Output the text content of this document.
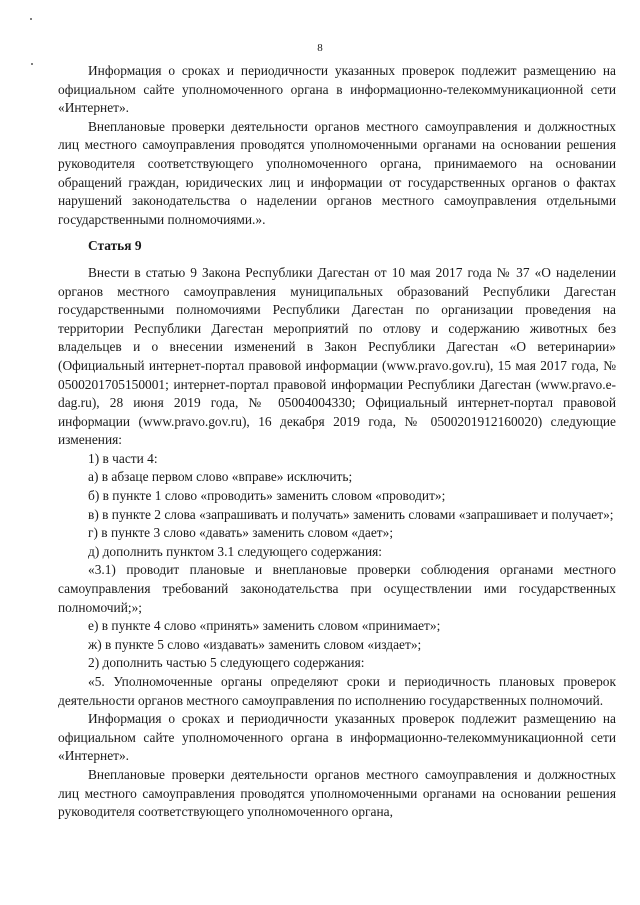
8

Информация о сроках и периодичности указанных проверок подлежит размещению на официальном сайте уполномоченного органа в информационно-телекоммуникационной сети «Интернет».

Внеплановые проверки деятельности органов местного самоуправления и должностных лиц местного самоуправления проводятся уполномоченными органами на основании решения руководителя соответствующего уполномоченного органа, принимаемого на основании обращений граждан, юридических лиц и информации от государственных органов о фактах нарушений законодательства о наделении органов местного самоуправления отдельными государственными полномочиями.».

Статья 9

Внести в статью 9 Закона Республики Дагестан от 10 мая 2017 года № 37 «О наделении органов местного самоуправления муниципальных образований Республики Дагестан государственными полномочиями Республики Дагестан по организации проведения на территории Республики Дагестан мероприятий по отлову и содержанию животных без владельцев и о внесении изменений в Закон Республики Дагестан «О ветеринарии» (Официальный интернет-портал правовой информации (www.pravo.gov.ru), 15 мая 2017 года, № 0500201705150001; интернет-портал правовой информации Республики Дагестан (www.pravo.e-dag.ru), 28 июня 2019 года, № 05004004330; Официальный интернет-портал правовой информации (www.pravo.gov.ru), 16 декабря 2019 года, № 0500201912160020) следующие изменения:

1) в части 4:

а) в абзаце первом слово «вправе» исключить;

б) в пункте 1 слово «проводить» заменить словом «проводит»;

в) в пункте 2 слова «запрашивать и получать» заменить словами «запрашивает и получает»;

г) в пункте 3 слово «давать» заменить словом «дает»;

д) дополнить пунктом 3.1 следующего содержания:

«3.1) проводит плановые и внеплановые проверки соблюдения органами местного самоуправления требований законодательства при осуществлении ими государственных полномочий;»;

е) в пункте 4 слово «принять» заменить словом «принимает»;

ж) в пункте 5 слово «издавать» заменить словом «издает»;

2) дополнить частью 5 следующего содержания:

«5. Уполномоченные органы определяют сроки и периодичность плановых проверок деятельности органов местного самоуправления по исполнению государственных полномочий.

Информация о сроках и периодичности указанных проверок подлежит размещению на официальном сайте уполномоченного органа в информационно-телекоммуникационной сети «Интернет».

Внеплановые проверки деятельности органов местного самоуправления и должностных лиц местного самоуправления проводятся уполномоченными органами на основании решения руководителя соответствующего уполномоченного органа,
